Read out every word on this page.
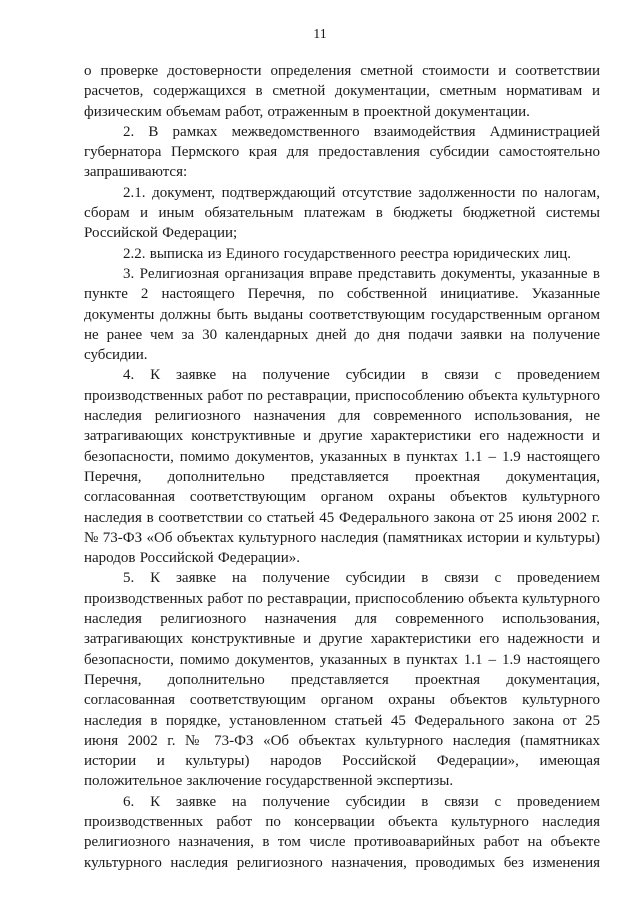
11

о проверке достоверности определения сметной стоимости и соответствии расчетов, содержащихся в сметной документации, сметным нормативам и физическим объемам работ, отраженным в проектной документации.

2. В рамках межведомственного взаимодействия Администрацией губернатора Пермского края для предоставления субсидии самостоятельно запрашиваются:

2.1. документ, подтверждающий отсутствие задолженности по налогам, сборам и иным обязательным платежам в бюджеты бюджетной системы Российской Федерации;

2.2. выписка из Единого государственного реестра юридических лиц.

3. Религиозная организация вправе представить документы, указанные в пункте 2 настоящего Перечня, по собственной инициативе. Указанные документы должны быть выданы соответствующим государственным органом не ранее чем за 30 календарных дней до дня подачи заявки на получение субсидии.

4. К заявке на получение субсидии в связи с проведением производственных работ по реставрации, приспособлению объекта культурного наследия религиозного назначения для современного использования, не затрагивающих конструктивные и другие характеристики его надежности и безопасности, помимо документов, указанных в пунктах 1.1 – 1.9 настоящего Перечня, дополнительно представляется проектная документация, согласованная соответствующим органом охраны объектов культурного наследия в соответствии со статьей 45 Федерального закона от 25 июня 2002 г. № 73-ФЗ «Об объектах культурного наследия (памятниках истории и культуры) народов Российской Федерации».

5. К заявке на получение субсидии в связи с проведением производственных работ по реставрации, приспособлению объекта культурного наследия религиозного назначения для современного использования, затрагивающих конструктивные и другие характеристики его надежности и безопасности, помимо документов, указанных в пунктах 1.1 – 1.9 настоящего Перечня, дополнительно представляется проектная документация, согласованная соответствующим органом охраны объектов культурного наследия в порядке, установленном статьей 45 Федерального закона от 25 июня 2002 г. № 73-ФЗ «Об объектах культурного наследия (памятниках истории и культуры) народов Российской Федерации», имеющая положительное заключение государственной экспертизы.

6. К заявке на получение субсидии в связи с проведением производственных работ по консервации объекта культурного наследия религиозного назначения, в том числе противоаварийных работ на объекте культурного наследия религиозного назначения, проводимых без изменения
